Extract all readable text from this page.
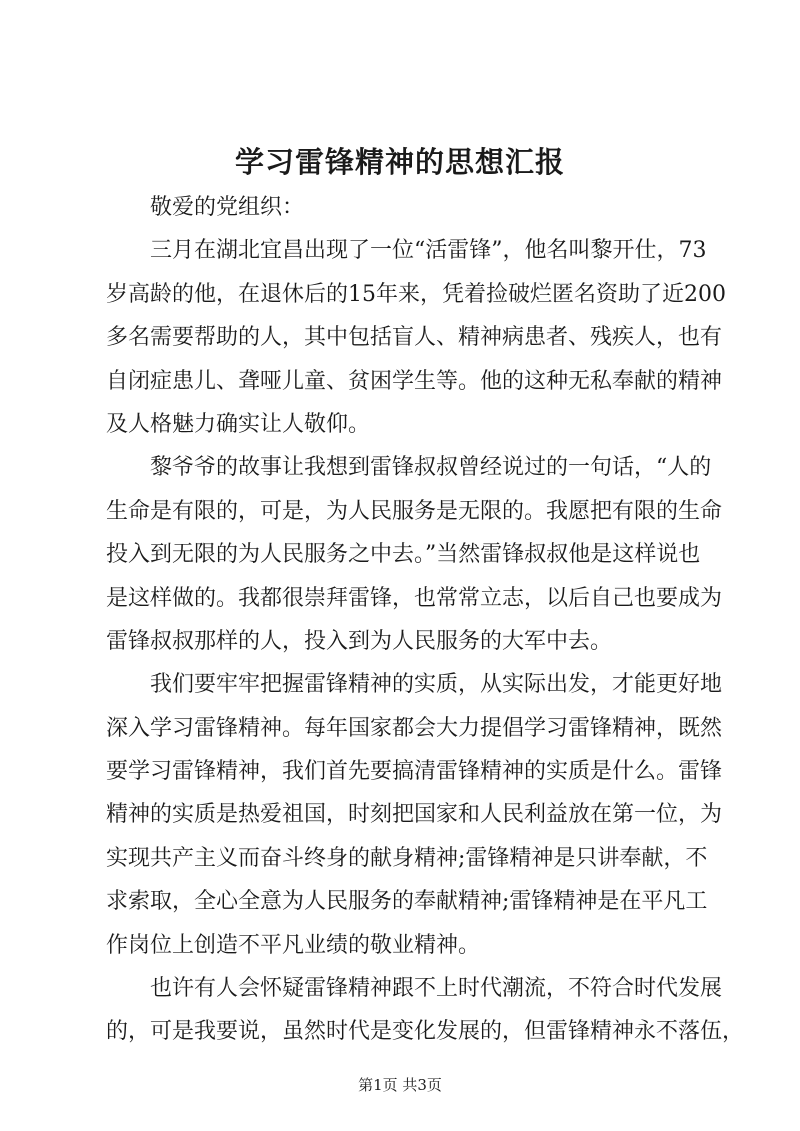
学习雷锋精神的思想汇报
敬爱的党组织：
三月在湖北宜昌出现了一位“活雷锋”，他名叫黎开仕，73
岁高龄的他，在退休后的15年来，凭着捡破烂匿名资助了近200
多名需要帮助的人，其中包括盲人、精神病患者、残疾人，也有
自闭症患儿、聋哑儿童、贫困学生等。他的这种无私奉献的精神
及人格魅力确实让人敬仰。
黎爷爷的故事让我想到雷锋叔叔曾经说过的一句话，“人的
生命是有限的，可是，为人民服务是无限的。我愿把有限的生命
投入到无限的为人民服务之中去。”当然雷锋叔叔他是这样说也
是这样做的。我都很崇拜雷锋，也常常立志，以后自己也要成为
雷锋叔叔那样的人，投入到为人民服务的大军中去。
我们要牢牢把握雷锋精神的实质，从实际出发，才能更好地
深入学习雷锋精神。每年国家都会大力提倡学习雷锋精神，既然
要学习雷锋精神，我们首先要搞清雷锋精神的实质是什么。雷锋
精神的实质是热爱祖国，时刻把国家和人民利益放在第一位，为
实现共产主义而奋斗终身的献身精神;雷锋精神是只讲奉献，不
求索取，全心全意为人民服务的奉献精神;雷锋精神是在平凡工
作岗位上创造不平凡业绩的敬业精神。
也许有人会怀疑雷锋精神跟不上时代潮流，不符合时代发展
的，可是我要说，虽然时代是变化发展的，但雷锋精神永不落伍，
第1页 共3页
